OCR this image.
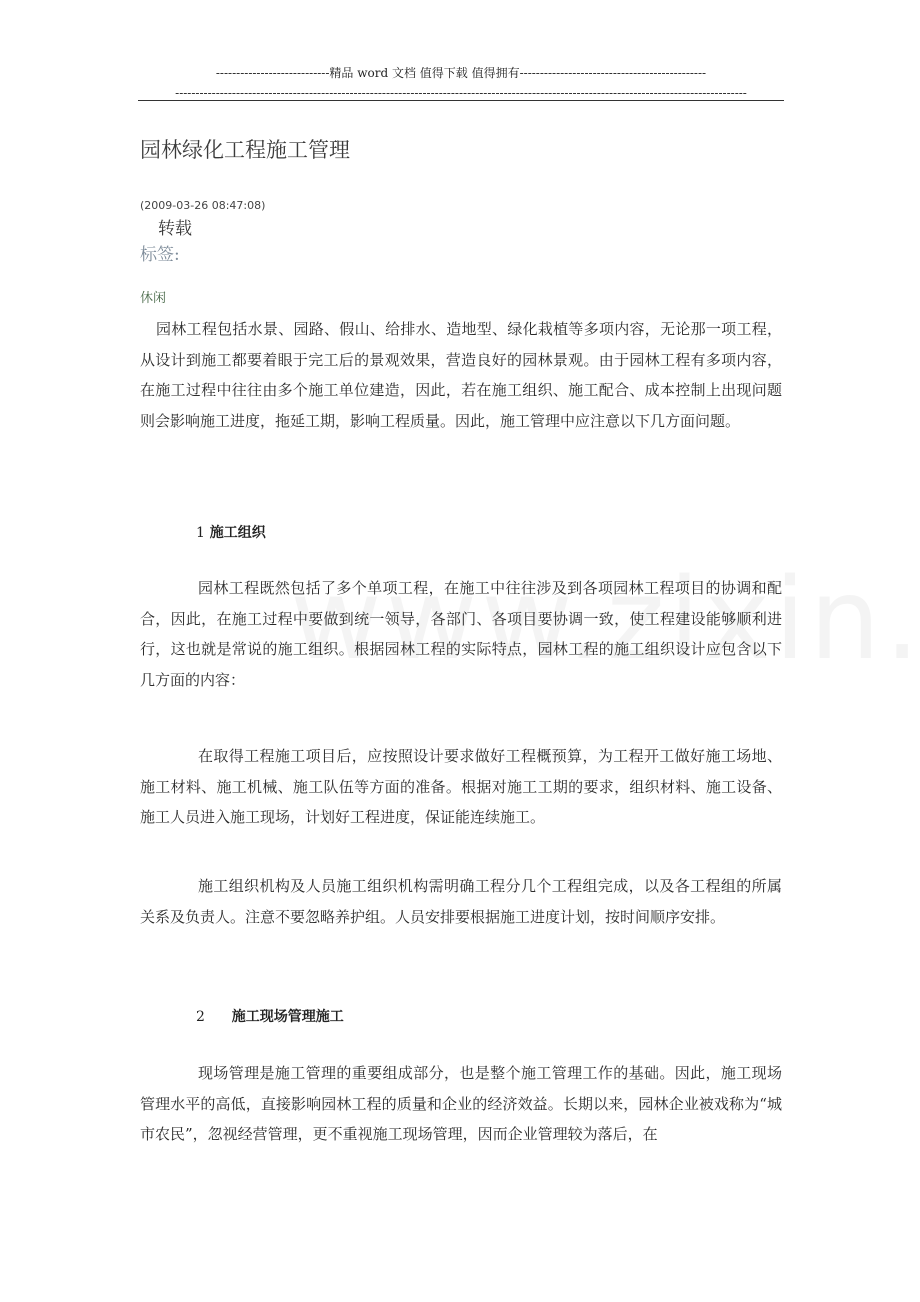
----------------------------精品 word 文档 值得下载 值得拥有----------------------------------------------
---------------------------------------------------------------------------------------------------------------------------------------------
园林绿化工程施工管理
(2009-03-26 08:47:08)
转载
标签:
休闲

园林工程包括水景、园路、假山、给排水、造地型、绿化栽植等多项内容，无论那一项工程，从设计到施工都要着眼于完工后的景观效果，营造良好的园林景观。由于园林工程有多项内容，在施工过程中往往由多个施工单位建造，因此，若在施工组织、施工配合、成本控制上出现问题则会影响施工进度，拖延工期，影响工程质量。因此，施工管理中应注意以下几方面问题。

1 施工组织

园林工程既然包括了多个单项工程，在施工中往往涉及到各项园林工程项目的协调和配合，因此，在施工过程中要做到统一领导，各部门、各项目要协调一致，使工程建设能够顺利进行，这也就是常说的施工组织。根据园林工程的实际特点，园林工程的施工组织设计应包含以下几方面的内容：

在取得工程施工项目后，应按照设计要求做好工程概预算，为工程开工做好施工场地、施工材料、施工机械、施工队伍等方面的准备。根据对施工工期的要求，组织材料、施工设备、施工人员进入施工现场，计划好工程进度，保证能连续施工。

施工组织机构及人员施工组织机构需明确工程分几个工程组完成，以及各工程组的所属关系及负责人。注意不要忽略养护组。人员安排要根据施工进度计划，按时间顺序安排。

2 施工现场管理施工

现场管理是施工管理的重要组成部分，也是整个施工管理工作的基础。因此，施工现场管理水平的高低，直接影响园林工程的质量和企业的经济效益。长期以来，园林企业被戏称为“城市农民”，忽视经营管理，更不重视施工现场管理，因而企业管理较为落后，在
